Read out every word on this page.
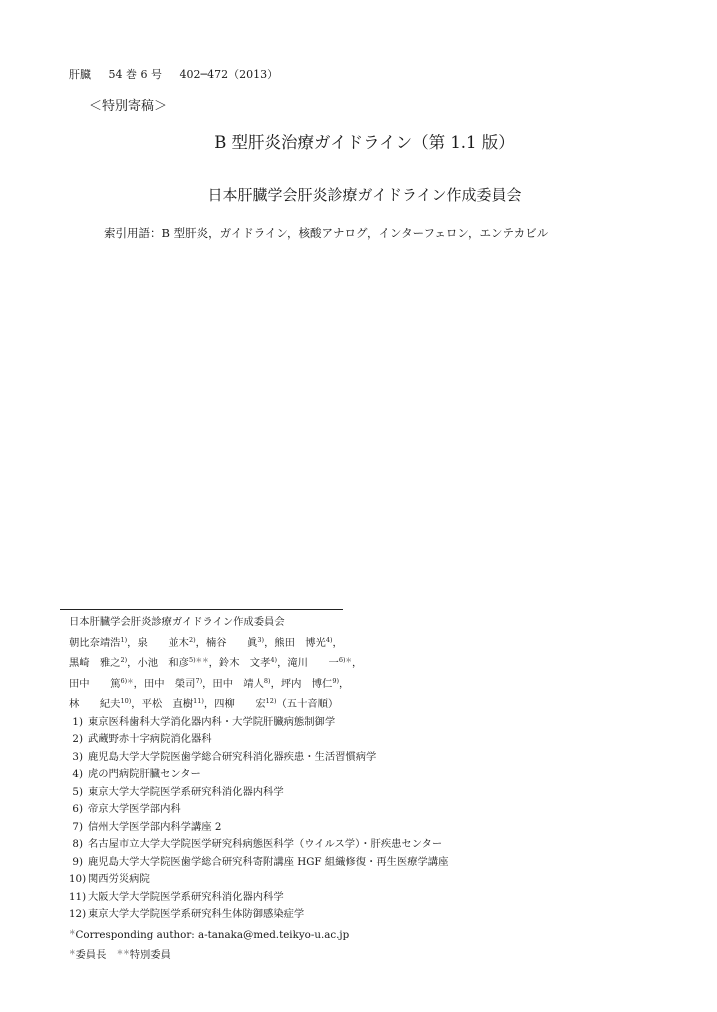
肝臓 54 巻 6 号 402─472（2013）
＜特別寄稿＞
B 型肝炎治療ガイドライン（第 1.1 版）
日本肝臓学会肝炎診療ガイドライン作成委員会
索引用語：B 型肝炎，ガイドライン，核酸アナログ，インターフェロン，エンテカビル
日本肝臓学会肝炎診療ガイドライン作成委員会
朝比奈靖浩$^{1)}$，泉　　並木$^{2)}$，楠谷　　眞$^{3)}$，熊田　博光$^{4)}$，
黒崎　雅之$^{2)}$，小池　和彦$^{5)**}$，鈴木　文孝$^{4)}$，滝川　　一$^{6)*}$，
田中　　篤$^{6)*}$，田中　榮司$^{7)}$，田中　靖人$^{8)}$，坪内　博仁$^{9)}$，
林　　紀夫$^{10)}$，平松　直樹$^{11)}$，四柳　　宏$^{12)}$（五十音順）
1) 東京医科歯科大学消化器内科・大学院肝臓病態制御学
2) 武蔵野赤十字病院消化器科
3) 鹿児島大学大学院医歯学総合研究科消化器疾患・生活習慣病学
4) 虎の門病院肝臓センター
5) 東京大学大学院医学系研究科消化器内科学
6) 帝京大学医学部内科
7) 信州大学医学部内科学講座 2
8) 名古屋市立大学大学院医学研究科病態医科学（ウイルス学）・肝疾患センター
9) 鹿児島大学大学院医歯学総合研究科寄附講座 HGF 組織修復・再生医療学講座
10) 関西労災病院
11) 大阪大学大学院医学系研究科消化器内科学
12) 東京大学大学院医学系研究科生体防御感染症学
＊Corresponding author: a-tanaka@med.teikyo-u.ac.jp
＊委員長　 ＊＊特別委員
